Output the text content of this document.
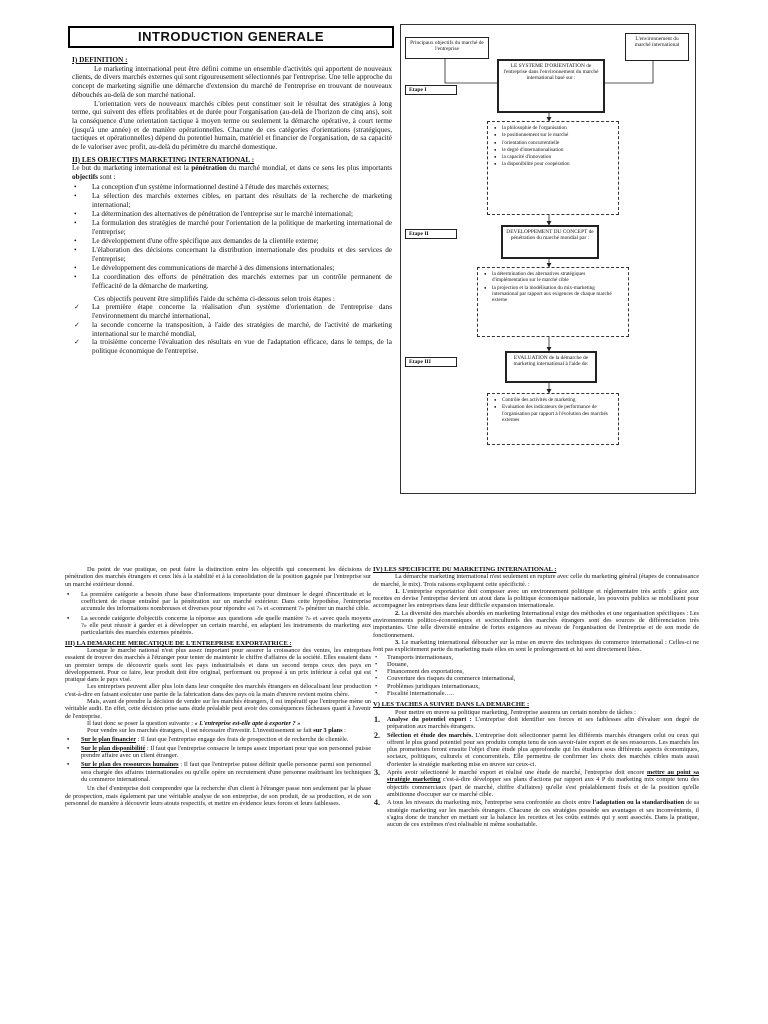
INTRODUCTION GENERALE
I) DEFINITION :

Le marketing international peut être défini comme un ensemble d'activités qui apportent de nouveaux clients, de divers marchés externes qui sont rigoureusement sélectionnés par l'entreprise. Une telle approche du concept de marketing signifie une démarche d'extension du marché de l'entreprise en trouvant de nouveaux débouchés au-delà de son marché national.

L'orientation vers de nouveaux marchés cibles peut constituer soit le résultat des stratégies à long terme, qui suivent des effets profitables et de durée pour l'organisation (au-delà de l'horizon de cinq ans), soit la conséquence d'une orientation tactique à moyen terme ou seulement la démarche opérative, à court terme (jusqu'à une année) et de manière opérationnelles. Chacune de ces catégories d'orientations (stratégiques, tactiques et opérationnelles) dépend du potentiel humain, matériel et financier de l'organisation, de sa capacité de le valoriser avec profit, au-delà du périmètre du marché domestique.

II) LES OBJECTIFS MARKETING INTERNATIONAL :

Le but du marketing international est la pénétration du marché mondial, et dans ce sens les plus importants objectifs sont :

• La conception d'un système informationnel destiné à l'étude des marchés externes;
• La sélection des marchés externes cibles, en partant des résultats de la recherche de marketing international;
• La détermination des alternatives de pénétration de l'entreprise sur le marché international;
• La formulation des stratégies de marché pour l'orientation de la politique de marketing international de l'entreprise;
• Le développement d'une offre spécifique aux demandes de la clientèle externe;
• L'élaboration des décisions concernant la distribution internationale des produits et des services de l'entreprise;
• Le développement des communications de marché à des dimensions internationales;
• La coordination des efforts de pénétration des marchés externes par un contrôle permanent de l'efficacité de la démarche de marketing.

Ces objectifs peuvent être simplifiés l'aide du schéma ci-dessous selon trois étapes :

✓ La première étape concerne la réalisation d'un système d'orientation de l'entreprise dans l'environnement du marché international,
✓ la seconde concerne la transposition, à l'aide des stratégies de marché, de l'activité de marketing international sur le marché mondial,
✓ la troisième concerne l'évaluation des résultats en vue de l'adaptation efficace, dans le temps, de la politique économique de l'entreprise.
Principaux objectifs du marché de l'entreprise
L'environnement du marché international
Etape I
LE SYSTEME D'ORIENTATION de l'entreprise dans l'environnement du marché international basé sur :
● la philosophie de l'organisation
● le positionnement sur le marché
● l'orientation concurrentielle
● le degré d'internationalisation
● la capacité d'innovation
● la disponibilité pour coopération
Etape II	DEVELOPPEMENT DU CONCEPT de pénétration du marché mondial par :
● la détermination des alternatives stratégiques d'implémentation sur le marché cible
● la projection et la modélisation du mix-marketing international par rapport aux exigences de chaque marché externe
Etape III
EVALUATION de la démarche de marketing international à l'aide de:
● Contrôle des activités de marketing
● Evaluation des indicateurs de performance de l'organisation par rapport à l'évolution des marchés externes

Du point de vue pratique, on peut faire la distinction entre les objectifs qui concernent les décisions de pénétration des marchés étrangers et ceux liés à la stabilité et à la consolidation de la position gagnée par l'entreprise sur un marché extérieur donné.

• La première catégorie a besoin d'une base d'informations importante pour diminuer le degré d'incertitude et le coefficient de risque entraîné par la pénétration sur un marché extérieur. Dans cette hypothèse, l'entreprise accumule des informations nombreuses et diverses pour répondre «si ?» et «comment ?» pénétrer un marché cible.
• La seconde catégorie d'objectifs concerne la réponse aux questions «de quelle manière ?» et «avec quels moyens ?» elle peut réussir à garder et à développer un certain marché, en adaptant les instruments du marketing aux particularités des marchés externes pénétrés.
III) LA DEMARCHE MERCATIQUE DE L'ENTREPRISE EXPORTATRICE :

Lorsque le marché national n'est plus assez important pour assurer la croissance des ventes, les entreprises essaient de trouver des marchés à l'étranger pour tenter de maintenir le chiffre d'affaires de la société. Elles essaient dans un premier temps de découvrir quels sont les pays industrialisés et dans un second temps ceux des pays en développement. Pour ce faire, leur produit doit être original, performant ou proposé à un prix inférieur à celui qui est pratiqué dans le pays visé.

Les entreprises peuvent aller plus loin dans leur conquête des marchés étrangers en délocalisant leur production c'est-à-dire en faisant exécuter une partie de la fabrication dans des pays où la main d'œuvre revient moins chère.

Mais, avant de prendre la décision de vendre sur les marchés étrangers, il est impératif que l'entreprise mène un véritable audit. En effet, cette décision prise sans étude préalable peut avoir des conséquences fâcheuses quant à l'avenir de l'entreprise.

Il faut donc se poser la question suivante : « L'entreprise est-elle apte à exporter ? »

Pour vendre sur les marchés étrangers, il est nécessaire d'investir. L'investissement se fait sur 3 plans :

• Sur le plan financier : Il faut que l'entreprise engage des frais de prospection et de recherche de clientèle.
• Sur le plan disponibilité : Il faut que l'entreprise consacre le temps assez important pour que son personnel puisse prendre affaire avec un client étranger.
• Sur le plan des ressources humaines : Il faut que l'entreprise puisse définir quelle personne parmi son personnel sera chargée des affaires internationales ou qu'elle opère un recrutement d'une personne maîtrisant les techniques du commerce international.

Un chef d'entreprise doit comprendre que la recherche d'un client à l'étranger passe non seulement par la phase de prospection, mais également par une véritable analyse de son entreprise, de son produit, de sa production, et de son personnel de manière à découvrir leurs atouts respectifs, et mettre en évidence leurs forces et leurs faiblesses.

IV) LES SPECIFICITE DU MARKETING INTERNATIONAL :

La démarche marketing international n'est seulement en rupture avec celle du marketing général (étapes de connaissance de marché, le mix). Trois raisons expliquent cette spécificité. :

1. L'entreprise exportatrice doit composer avec un environnement politique et réglementaire très actifs : grâce aux recettes en devise l'entreprise devient un atout dans la politique économique nationale, les pouvoirs publics se mobilisent pour accompagner les entreprises dans leur difficile expansion internationale.

2. La diversité des marchés abordés en marketing International exige des méthodes et une organisation spécifiques : Les environnements politico-économiques et socioculturels des marchés étrangers sont des sources de différenciation très importantes. Une telle diversité entraîne de fortes exigences au niveau de l'organisation de l'entreprise et de son mode de fonctionnement.

3. Le marketing international déboucher sur la mise en œuvre des techniques du commerce international : Celles-ci ne font pas explicitement partie du marketing mais elles en sont le prolongement et lui sont directement liées.

• Transports internationaux,
• Douane,
• Financement des exportations,
• Couverture des risques du commerce international,
• Problèmes juridiques internationaux,
• Fiscalité internationale…..
V) LES TACHES A SUIVRE DANS LA DEMARCHE :

Pour mettre en œuvre sa politique marketing, l'entreprise assurera un certain nombre de tâches :

1. Analyse du potentiel export : L'entreprise doit identifier ses forces et ses faiblesses afin d'évaluer son degré de préparation aux marchés étrangers.
2. Sélection et étude des marchés. L'entreprise doit sélectionner parmi les différents marchés étrangers celui ou ceux qui offrent le plus grand potentiel pour ses produits compte tenu de son savoir-faire export et de ses ressources. Les marchés les plus prometteurs feront ensuite l'objet d'une étude plus approfondie qui les étudiera sous différents aspects économiques, sociaux, politiques, culturels et concurrentiels. Elle permettra de confirmer les choix des marchés cibles mais aussi d'orienter la stratégie marketing mise en œuvre sur ceux-ci.
3. Après avoir sélectionné le marché export et réalisé une étude de marché, l'entreprise doit encore mettre au point sa stratégie marketing c'est-à-dire développer ses plans d'actions par rapport aux 4 P du marketing mix compte tenu des objectifs commerciaux (part de marché, chiffre d'affaires) qu'elle s'est préalablement fixés et de la position qu'elle ambitionne d'occuper sur ce marché cible.
4. A tous les niveaux du marketing mix, l'entreprise sera confrontée au choix entre l'adaptation ou la standardisation de sa stratégie marketing sur les marchés étrangers. Chacune de ces stratégies possède ses avantages et ses inconvénients, il s'agira donc de trancher en mettant sur la balance les recettes et les coûts estimés qui y sont associés. Dans la pratique, aucun de ces extrêmes n'est réalisable ni même souhaitable.
